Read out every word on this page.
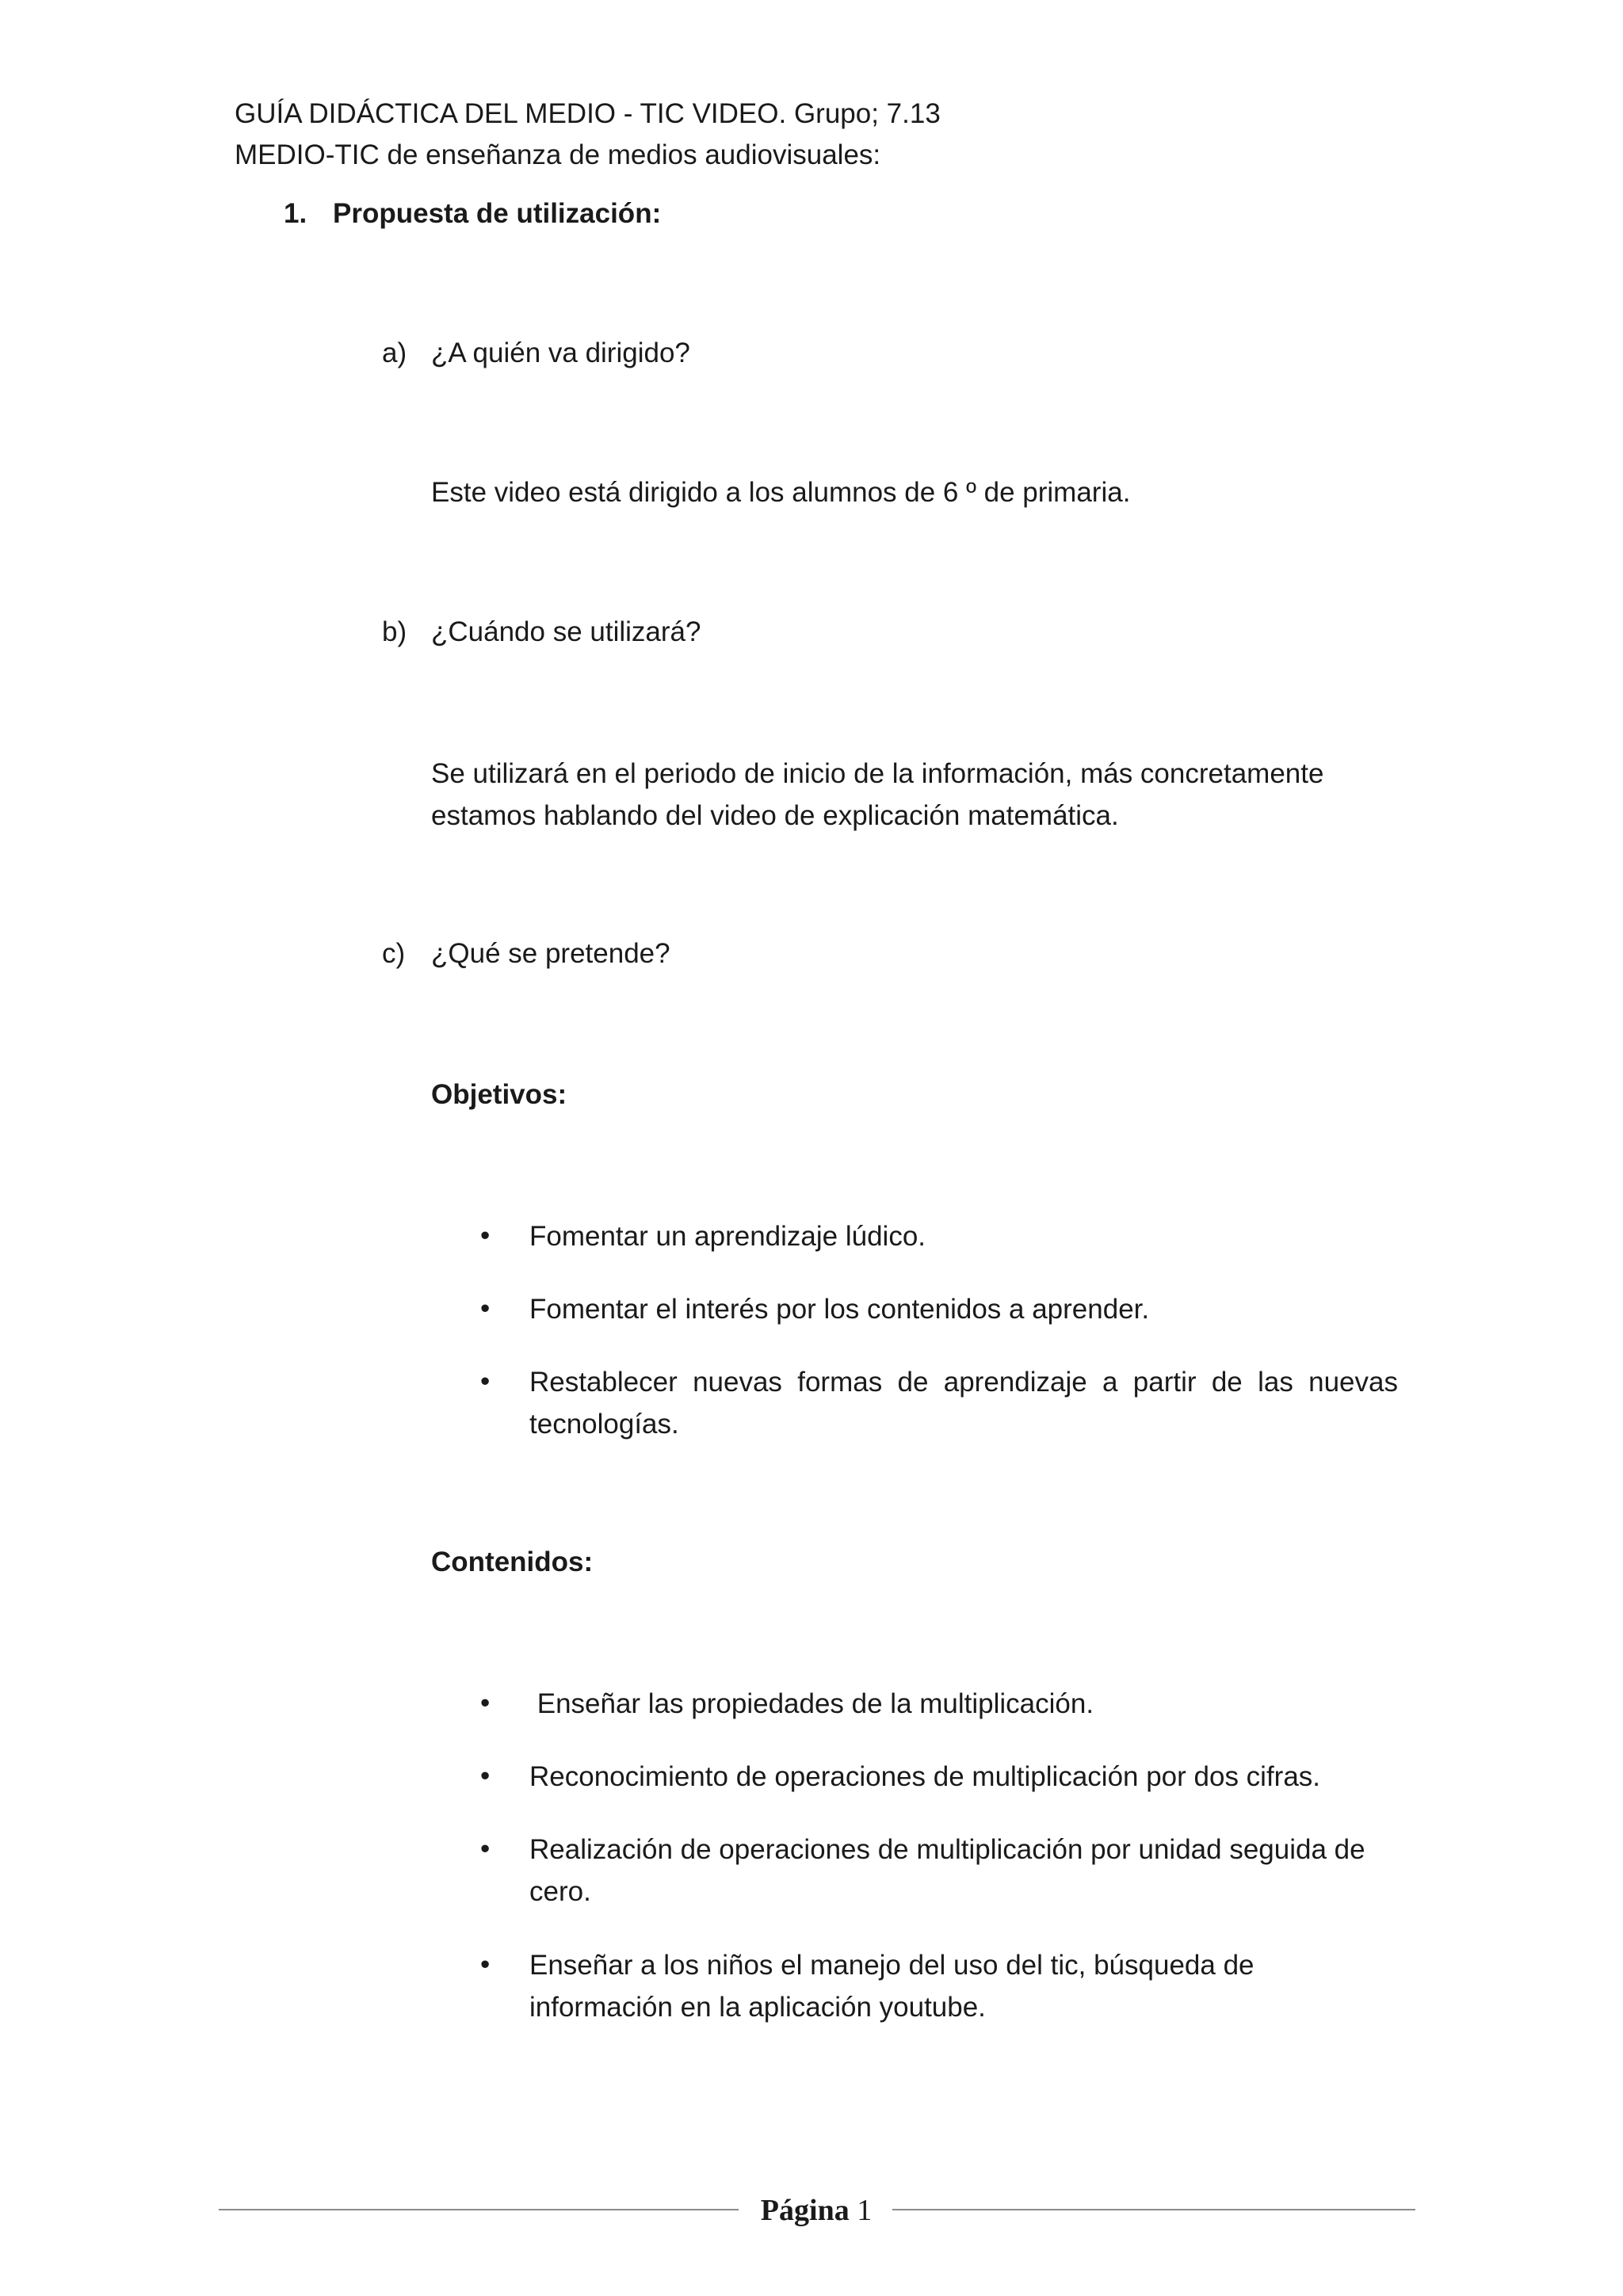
GUÍA DIDÁCTICA DEL MEDIO - TIC VIDEO. Grupo; 7.13
MEDIO-TIC de enseñanza de medios audiovisuales:
1. Propuesta de utilización:
a) ¿A quién va dirigido?
Este video está dirigido a los alumnos de 6 º de primaria.
b) ¿Cuándo se utilizará?
Se utilizará en el periodo de inicio de la información, más concretamente estamos hablando del video de explicación matemática.
c) ¿Qué se pretende?
Objetivos:
• Fomentar un aprendizaje lúdico.
• Fomentar el interés por los contenidos a aprender.
• Restablecer nuevas formas de aprendizaje a partir de las nuevas tecnologías.
Contenidos:
• Enseñar las propiedades de la multiplicación.
• Reconocimiento de operaciones de multiplicación por dos cifras.
• Realización de operaciones de multiplicación por unidad seguida de cero.
• Enseñar a los niños el manejo del uso del tic, búsqueda de información en la aplicación youtube.
Página 1
